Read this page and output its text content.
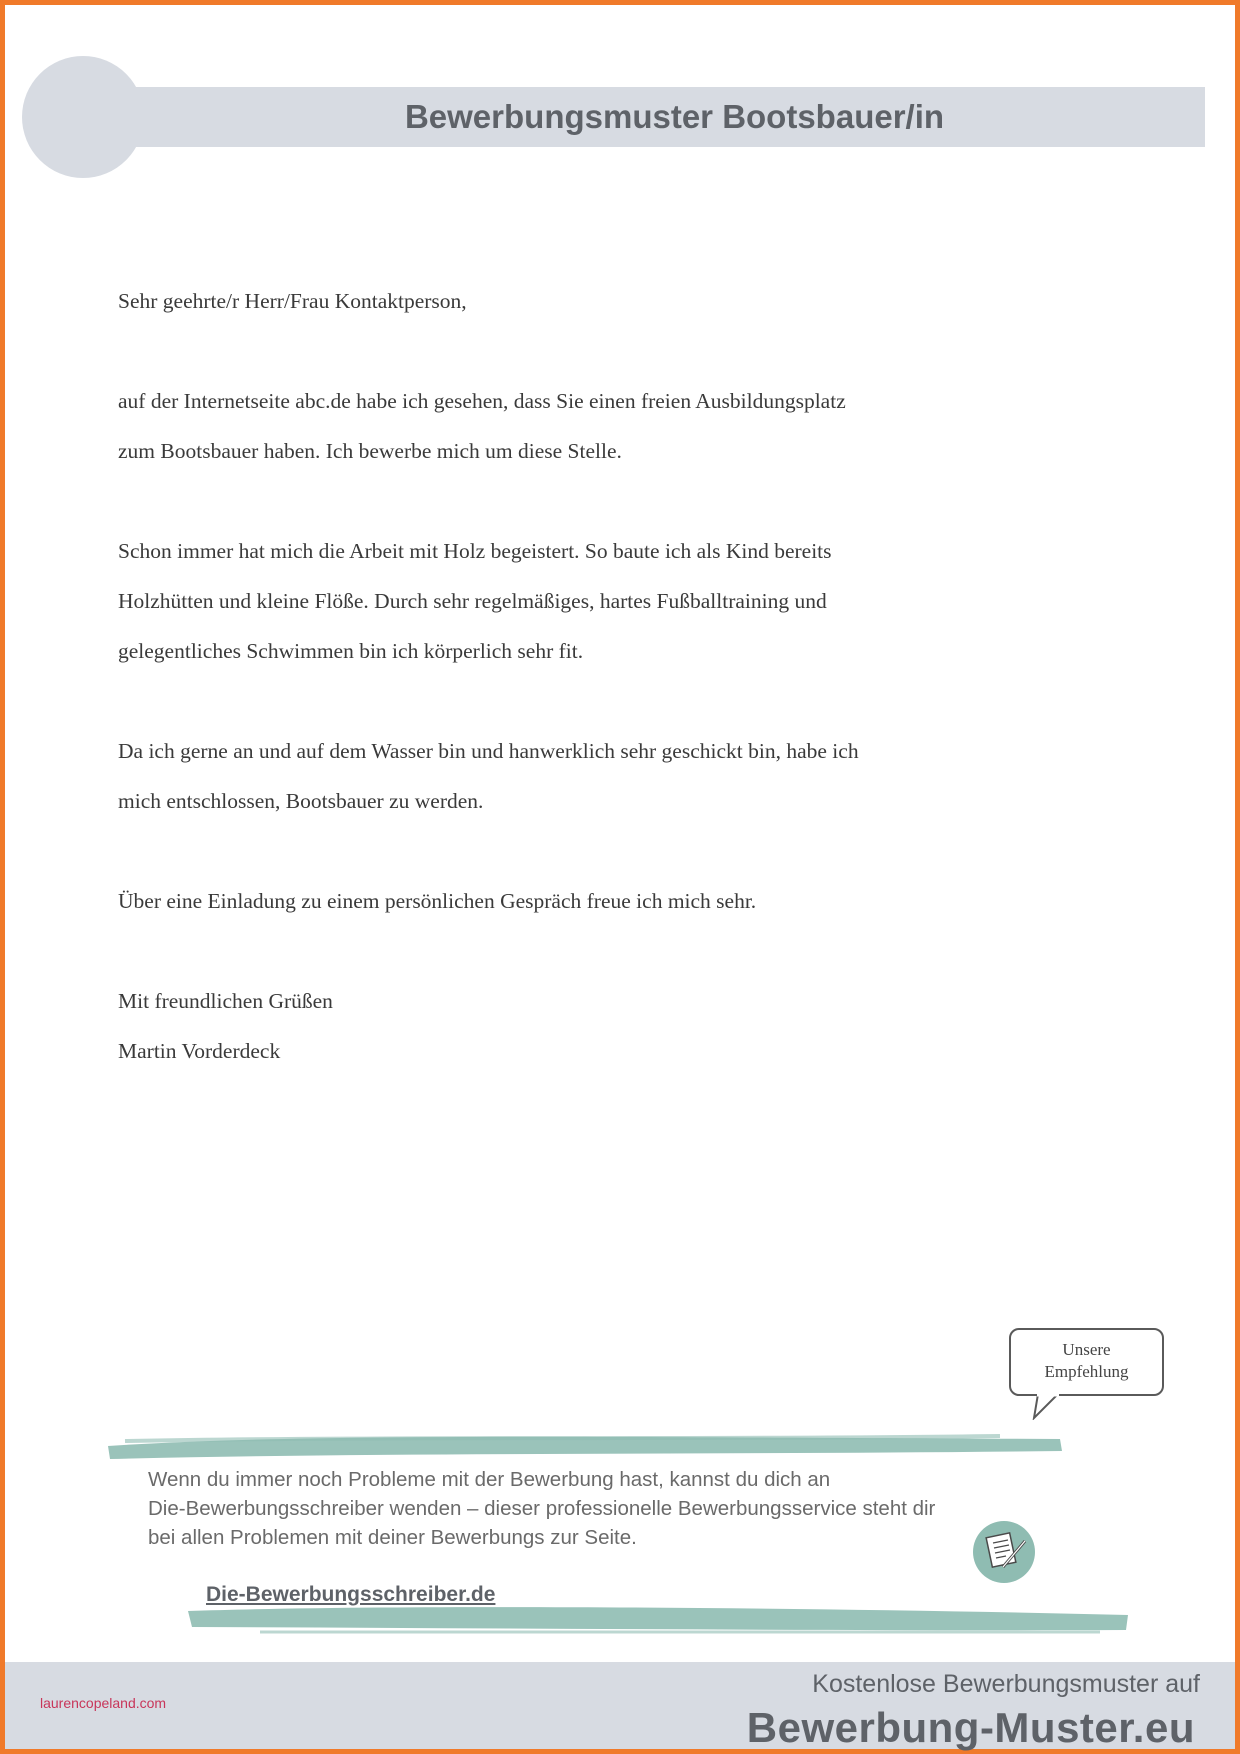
Bewerbungsmuster Bootsbauer/in

Sehr geehrte/r Herr/Frau Kontaktperson,

auf der Internetseite abc.de habe ich gesehen, dass Sie einen freien Ausbildungsplatz

zum Bootsbauer haben. Ich bewerbe mich um diese Stelle.

Schon immer hat mich die Arbeit mit Holz begeistert. So baute ich als Kind bereits

Holzhütten und kleine Flöße. Durch sehr regelmäßiges, hartes Fußballtraining und

gelegentliches Schwimmen bin ich körperlich sehr fit.

Da ich gerne an und auf dem Wasser bin und hanwerklich sehr geschickt bin, habe ich

mich entschlossen, Bootsbauer zu werden.

Über eine Einladung zu einem persönlichen Gespräch freue ich mich sehr.

Mit freundlichen Grüßen

Martin Vorderdeck

Unsere
Empfehlung

Wenn du immer noch Probleme mit der Bewerbung hast, kannst du dich an

Die-Bewerbungsschreiber wenden – dieser professionelle Bewerbungsservice steht dir

bei allen Problemen mit deiner Bewerbungs zur Seite.

Die-Bewerbungsschreiber.de
laurencopeland.com
Kostenlose Bewerbungsmuster auf
Bewerbung-Muster.eu
